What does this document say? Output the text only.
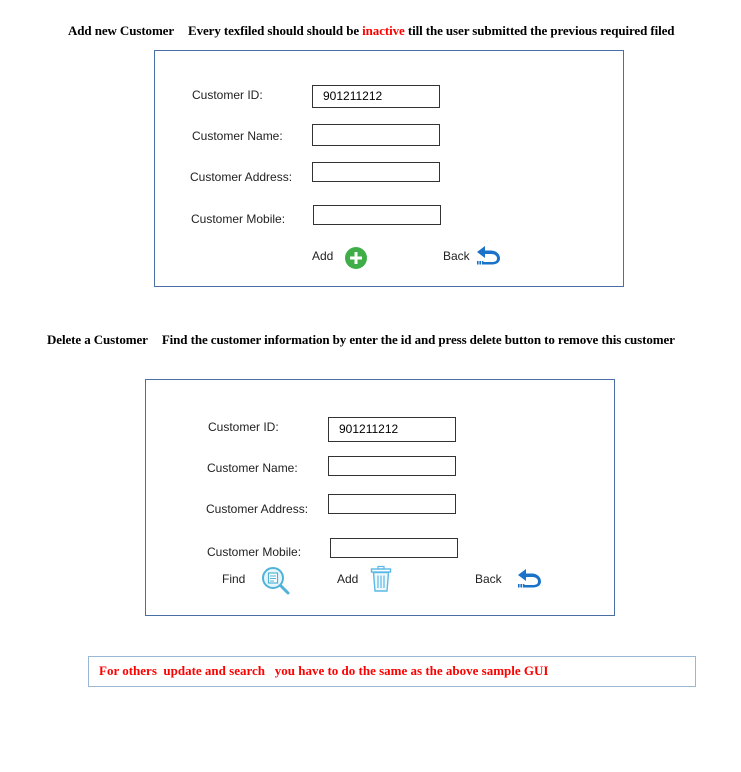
Add new Customer Every texfiled should should be inactive till the user submitted the previous required filed
Customer ID:	901211212
Customer Name:
Customer Address:
Customer Mobile:
Add	Back
Delete a Customer Find the customer information by enter the id and press delete button to remove this customer
Customer ID:	901211212
Customer Name:
Customer Address:
Customer Mobile:
Find	Add	Back
For others  update and search   you have to do the same as the above sample GUI
